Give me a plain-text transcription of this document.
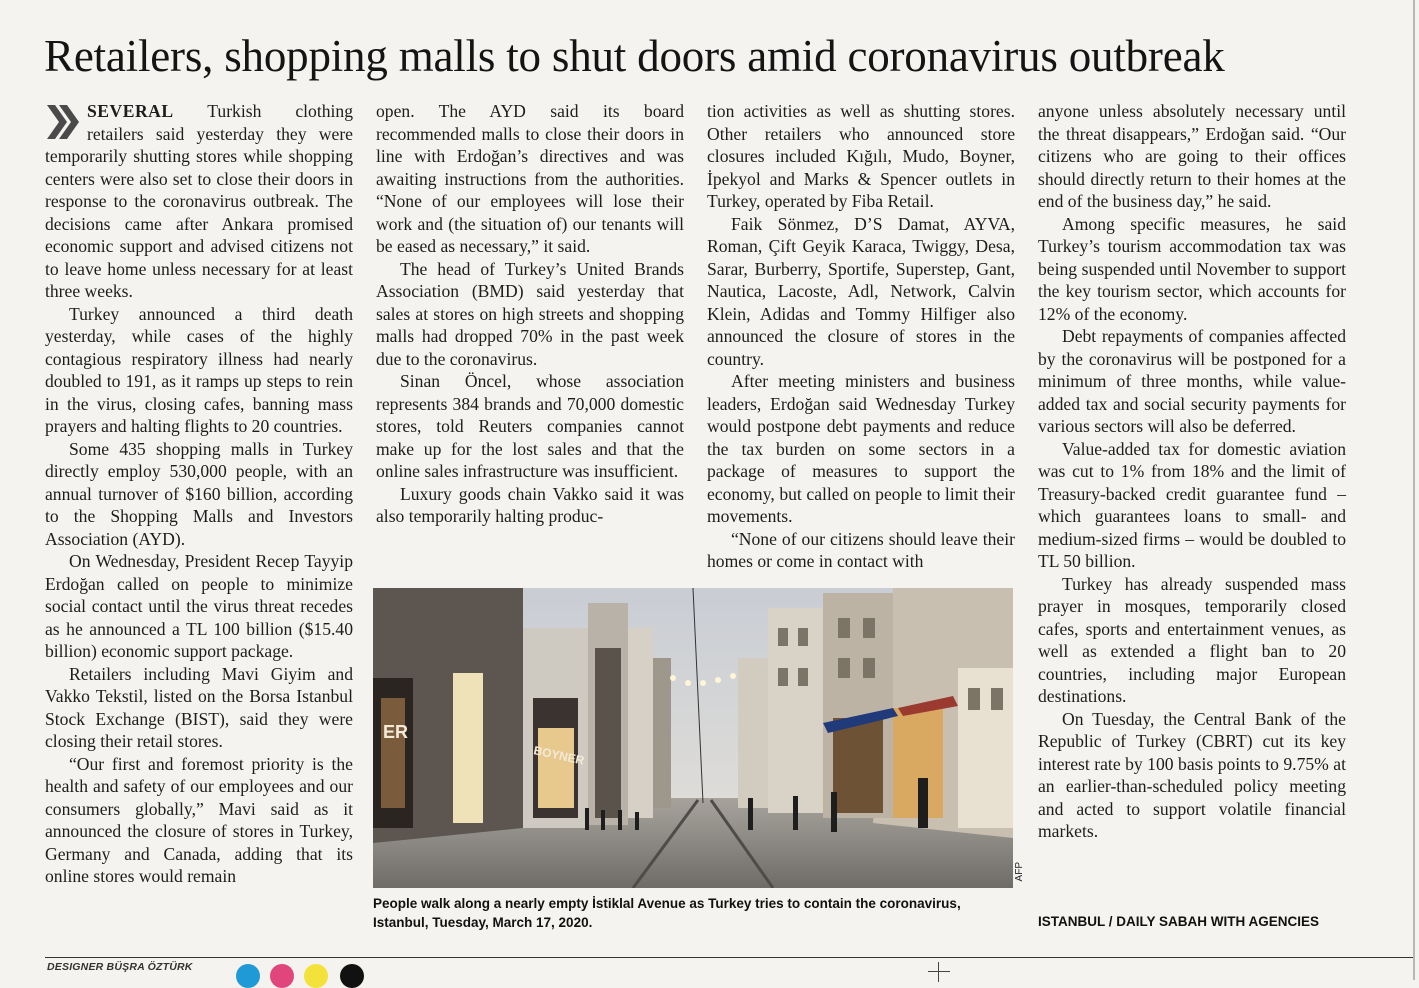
Retailers, shopping malls to shut doors amid coronavirus outbreak

SEVERAL Turkish clothing retailers said yesterday they were temporarily shutting stores while shopping centers were also set to close their doors in response to the coronavirus outbreak. The decisions came after Ankara promised economic support and advised citizens not to leave home unless necessary for at least three weeks.

Turkey announced a third death yesterday, while cases of the highly contagious respiratory illness had nearly doubled to 191, as it ramps up steps to rein in the virus, closing cafes, banning mass prayers and halting flights to 20 countries.

Some 435 shopping malls in Turkey directly employ 530,000 people, with an annual turnover of $160 billion, according to the Shopping Malls and Investors Association (AYD).

On Wednesday, President Recep Tayyip Erdoğan called on people to minimize social contact until the virus threat recedes as he announced a TL 100 billion ($15.40 billion) economic support package.

Retailers including Mavi Giyim and Vakko Tekstil, listed on the Borsa Istanbul Stock Exchange (BIST), said they were closing their retail stores.

“Our first and foremost priority is the health and safety of our employees and our consumers globally,” Mavi said as it announced the closure of stores in Turkey, Germany and Canada, adding that its online stores would remain

open. The AYD said its board recommended malls to close their doors in line with Erdoğan’s directives and was awaiting instructions from the authorities. “None of our employees will lose their work and (the situation of) our tenants will be eased as necessary,” it said.

The head of Turkey’s United Brands Association (BMD) said yesterday that sales at stores on high streets and shopping malls had dropped 70% in the past week due to the coronavirus.

Sinan Öncel, whose association represents 384 brands and 70,000 domestic stores, told Reuters companies cannot make up for the lost sales and that the online sales infrastructure was insufficient.

Luxury goods chain Vakko said it was also temporarily halting produc-

tion activities as well as shutting stores. Other retailers who announced store closures included Kığılı, Mudo, Boyner, İpekyol and Marks & Spencer outlets in Turkey, operated by Fiba Retail.

Faik Sönmez, D’S Damat, AYVA, Roman, Çift Geyik Karaca, Twiggy, Desa, Sarar, Burberry, Sportife, Superstep, Gant, Nautica, Lacoste, Adl, Network, Calvin Klein, Adidas and Tommy Hilfiger also announced the closure of stores in the country.

After meeting ministers and business leaders, Erdoğan said Wednesday Turkey would postpone debt payments and reduce the tax burden on some sectors in a package of measures to support the economy, but called on people to limit their movements.

“None of our citizens should leave their homes or come in contact with

anyone unless absolutely necessary until the threat disappears,” Erdoğan said. “Our citizens who are going to their offices should directly return to their homes at the end of the business day,” he said.

Among specific measures, he said Turkey’s tourism accommodation tax was being suspended until November to support the key tourism sector, which accounts for 12% of the economy.

Debt repayments of companies affected by the coronavirus will be postponed for a minimum of three months, while value-added tax and social security payments for various sectors will also be deferred.

Value-added tax for domestic aviation was cut to 1% from 18% and the limit of Treasury-backed credit guarantee fund – which guarantees loans to small- and medium-sized firms – would be doubled to TL 50 billion.

Turkey has already suspended mass prayer in mosques, temporarily closed cafes, sports and entertainment venues, as well as extended a flight ban to 20 countries, including major European destinations.

On Tuesday, the Central Bank of the Republic of Turkey (CBRT) cut its key interest rate by 100 basis points to 9.75% at an earlier-than-scheduled policy meeting and acted to support volatile financial markets.

BOYNER
ER
AFP
People walk along a nearly empty İstiklal Avenue as Turkey tries to contain the coronavirus, Istanbul, Tuesday, March 17, 2020.	ISTANBUL / DAILY SABAH WITH AGENCIES
DESIGNER BÜŞRA ÖZTÜRK
